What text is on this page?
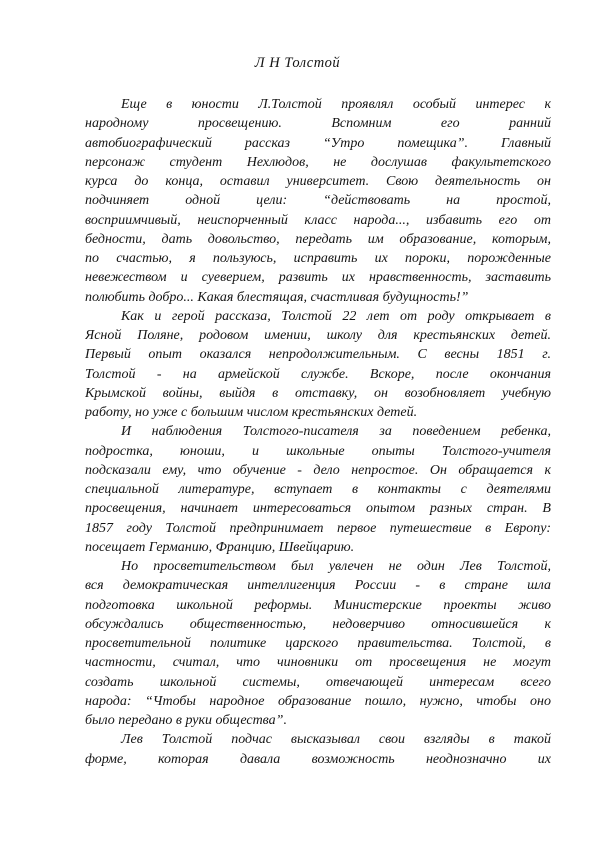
Л Н Толстой
Еще в юности Л.Толстой проявлял особый интерес к
народному просвещению. Вспомним его ранний
автобиографический рассказ “Утро помещика”. Главный
персонаж студент Нехлюдов, не дослушав факультетского
курса до конца, оставил университет. Свою деятельность он
подчиняет одной цели: “действовать на простой,
восприимчивый, неиспорченный класс народа..., избавить его от
бедности, дать довольство, передать им образование, которым,
по счастью, я пользуюсь, исправить их пороки, порожденные
невежеством и суеверием, развить их нравственность, заставить
полюбить добро... Какая блестящая, счастливая будущность!”
Как и герой рассказа, Толстой 22 лет от роду открывает в
Ясной Поляне, родовом имении, школу для крестьянских детей.
Первый опыт оказался непродолжительным. С весны 1851 г.
Толстой - на армейской службе. Вскоре, после окончания
Крымской войны, выйдя в отставку, он возобновляет учебную
работу, но уже с большим числом крестьянских детей.
И наблюдения Толстого-писателя за поведением ребенка,
подростка, юноши, и школьные опыты Толстого-учителя
подсказали ему, что обучение - дело непростое. Он обращается к
специальной литературе, вступает в контакты с деятелями
просвещения, начинает интересоваться опытом разных стран. В
1857 году Толстой предпринимает первое путешествие в Европу:
посещает Германию, Францию, Швейцарию.
Но просветительством был увлечен не один Лев Толстой,
вся демократическая интеллигенция России - в стране шла
подготовка школьной реформы. Министерские проекты живо
обсуждались общественностью, недоверчиво относившейся к
просветительной политике царского правительства. Толстой, в
частности, считал, что чиновники от просвещения не могут
создать школьной системы, отвечающей интересам всего
народа: “Чтобы народное образование пошло, нужно, чтобы оно
было передано в руки общества”.
Лев Толстой подчас высказывал свои взгляды в такой
форме, которая давала возможность неоднозначно их
